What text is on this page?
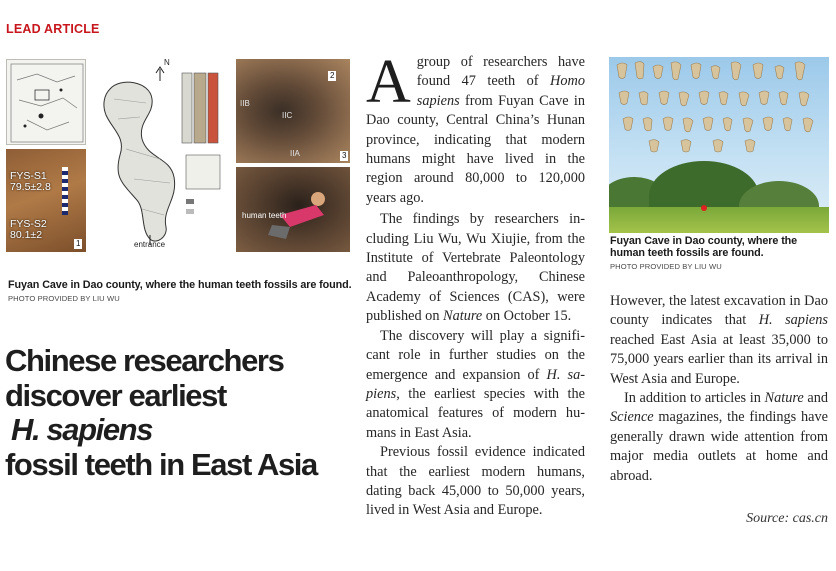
LEAD ARTICLE
FYS-S1
79.5±2.8
FYS-S2
80.1±2
1
N
entrance
IIB
IIC
IIA
2
3
human teeth
Fuyan Cave in Dao county, where the human teeth fossils are found.
PHOTO PROVIDED BY LIU WU
Chinese researchers
discover earliest
H. sapiens
fossil teeth in East Asia

Agroup of researchers have found 47 teeth of Homo sapiens from Fuyan Cave in Dao county, Central China’s Hunan province, indicating that modern humans might have lived in the region around 80,000 to 120,000 years ago.

The findings by researchers including Liu Wu, Wu Xiujie, from the Institute of Vertebrate Paleontology and Paleoanthropology, Chinese Academy of Sciences (CAS), were published on Nature on October 15.

The discovery will play a significant role in further studies on the emergence and expansion of H. sapiens, the earliest species with the anatomical features of modern humans in East Asia.

Previous fossil evidence indicated that the earliest modern humans, dating back 45,000 to 50,000 years, lived in West Asia and Europe.

Fuyan Cave in Dao county, where the human teeth fossils are found.
PHOTO PROVIDED BY LIU WU

However, the latest excavation in Dao county indicates that H. sapiens reached East Asia at least 35,000 to 75,000 years earlier than its arrival in West Asia and Europe.

In addition to articles in Nature and Science magazines, the findings have generally drawn wide attention from major media outlets at home and abroad.

Source: cas.cn
